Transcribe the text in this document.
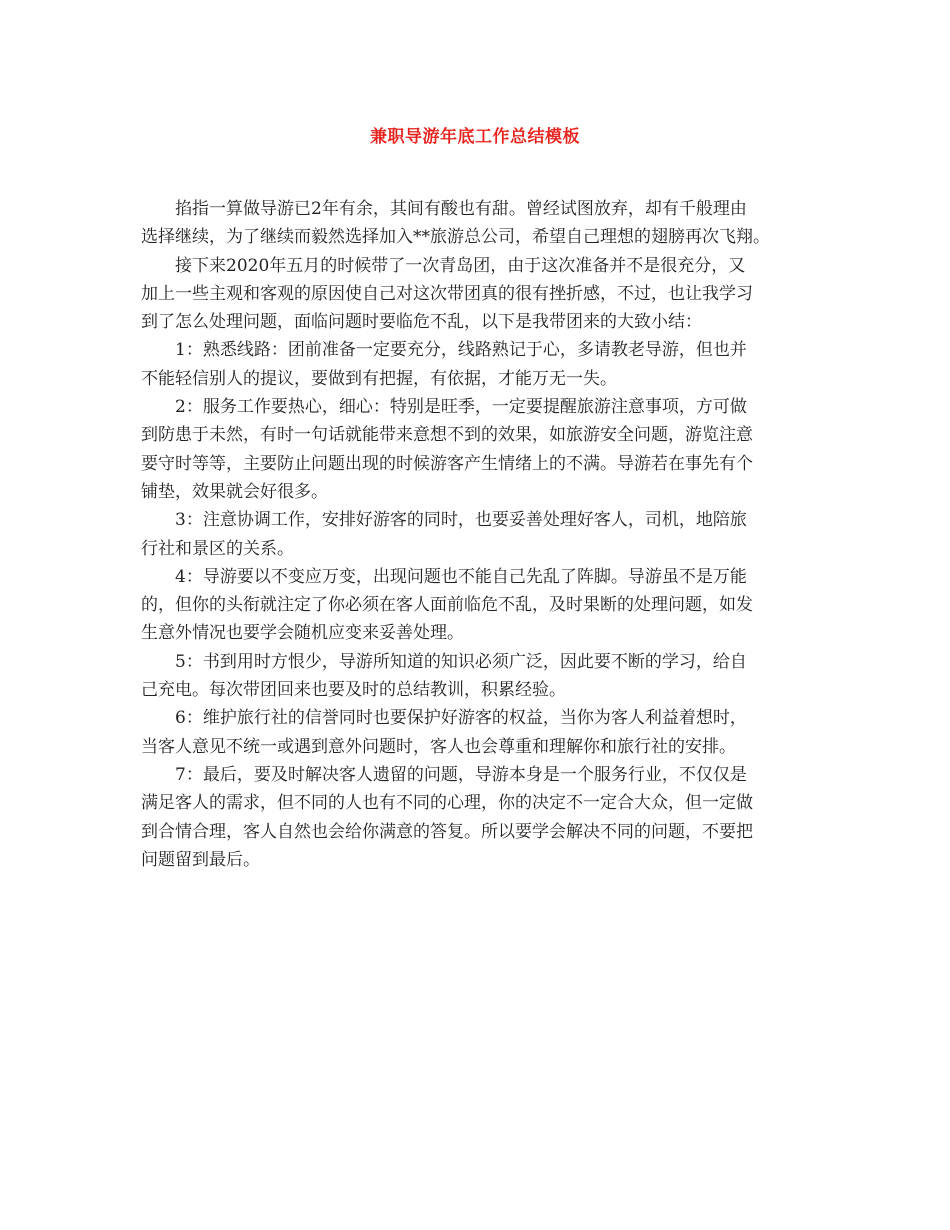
兼职导游年底工作总结模板
掐指一算做导游已2年有余，其间有酸也有甜。曾经试图放弃，却有千般理由
选择继续，为了继续而毅然选择加入**旅游总公司，希望自己理想的翅膀再次飞翔。
接下来2020年五月的时候带了一次青岛团，由于这次准备并不是很充分，又
加上一些主观和客观的原因使自己对这次带团真的很有挫折感，不过，也让我学习
到了怎么处理问题，面临问题时要临危不乱，以下是我带团来的大致小结：
1：熟悉线路：团前准备一定要充分，线路熟记于心，多请教老导游，但也并
不能轻信别人的提议，要做到有把握，有依据，才能万无一失。
2：服务工作要热心，细心：特别是旺季，一定要提醒旅游注意事项，方可做
到防患于未然，有时一句话就能带来意想不到的效果，如旅游安全问题，游览注意
要守时等等，主要防止问题出现的时候游客产生情绪上的不满。导游若在事先有个
铺垫，效果就会好很多。
3：注意协调工作，安排好游客的同时，也要妥善处理好客人，司机，地陪旅
行社和景区的关系。
4：导游要以不变应万变，出现问题也不能自己先乱了阵脚。导游虽不是万能
的，但你的头衔就注定了你必须在客人面前临危不乱，及时果断的处理问题，如发
生意外情况也要学会随机应变来妥善处理。
5：书到用时方恨少，导游所知道的知识必须广泛，因此要不断的学习，给自
己充电。每次带团回来也要及时的总结教训，积累经验。
6：维护旅行社的信誉同时也要保护好游客的权益，当你为客人利益着想时，
当客人意见不统一或遇到意外问题时，客人也会尊重和理解你和旅行社的安排。
7：最后，要及时解决客人遗留的问题，导游本身是一个服务行业，不仅仅是
满足客人的需求，但不同的人也有不同的心理，你的决定不一定合大众，但一定做
到合情合理，客人自然也会给你满意的答复。所以要学会解决不同的问题，不要把
问题留到最后。
